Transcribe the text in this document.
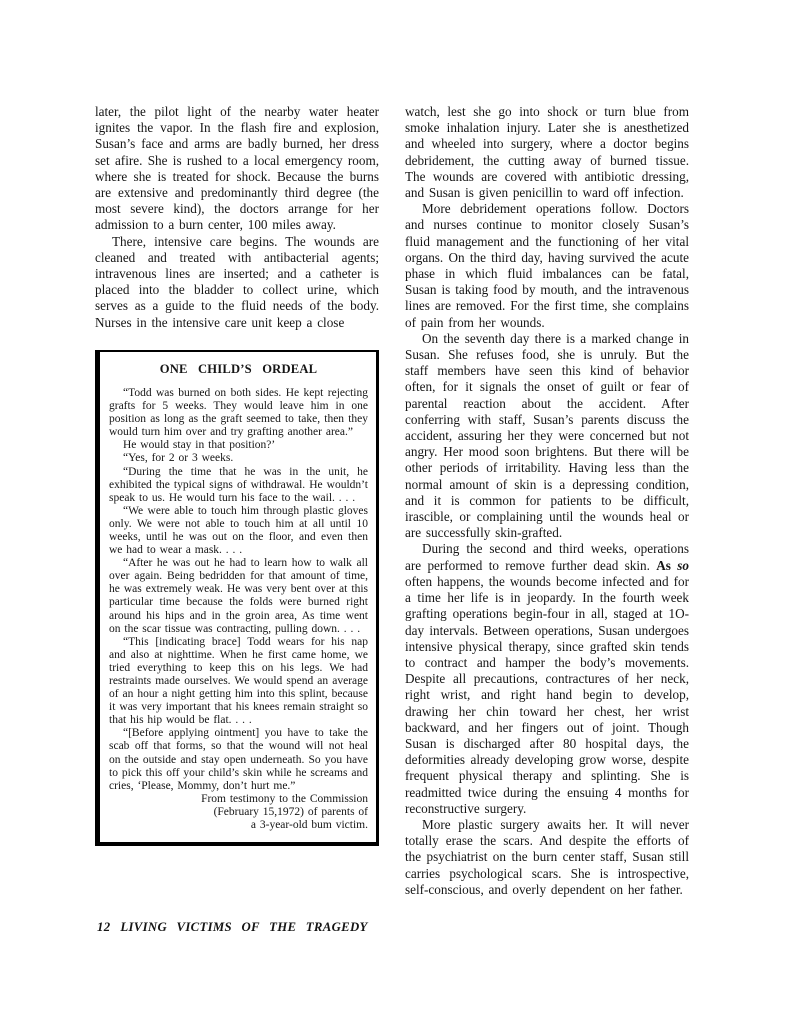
later, the pilot light of the nearby water heater ignites the vapor. In the flash fire and explosion, Susan’s face and arms are badly burned, her dress set afire. She is rushed to a local emergency room, where she is treated for shock. Because the burns are extensive and predominantly third degree (the most severe kind), the doctors arrange for her admission to a burn center, 100 miles away.

There, intensive care begins. The wounds are cleaned and treated with antibacterial agents; intravenous lines are inserted; and a catheter is placed into the bladder to collect urine, which serves as a guide to the fluid needs of the body. Nurses in the intensive care unit keep a close

ONE CHILD’S ORDEAL

“Todd was burned on both sides. He kept rejecting grafts for 5 weeks. They would leave him in one position as long as the graft seemed to take, then they would turn him over and try grafting another area.”

He would stay in that position?’

“Yes, for 2 or 3 weeks.

“During the time that he was in the unit, he exhibited the typical signs of withdrawal. He wouldn’t speak to us. He would turn his face to the wail. . . .

“We were able to touch him through plastic gloves only. We were not able to touch him at all until 10 weeks, until he was out on the floor, and even then we had to wear a mask. . . .

“After he was out he had to learn how to walk all over again. Being bedridden for that amount of time, he was extremely weak. He was very bent over at this particular time because the folds were burned right around his hips and in the groin area, As time went on the scar tissue was contracting, pulling down. . . .

“This [indicating brace] Todd wears for his nap and also at nighttime. When he first came home, we tried everything to keep this on his legs. We had restraints made ourselves. We would spend an average of an hour a night getting him into this splint, because it was very important that his knees remain straight so that his hip would be flat. . . .

“[Before applying ointment] you have to take the scab off that forms, so that the wound will not heal on the outside and stay open underneath. So you have to pick this off your child’s skin while he screams and cries, ‘Please, Mommy, don’t hurt me.”

From testimony to the Commission
(February 15,1972) of parents of
a 3-year-old bum victim.

watch, lest she go into shock or turn blue from smoke inhalation injury. Later she is anesthetized and wheeled into surgery, where a doctor begins debridement, the cutting away of burned tissue. The wounds are covered with antibiotic dressing, and Susan is given penicillin to ward off infection.

More debridement operations follow. Doctors and nurses continue to monitor closely Susan’s fluid management and the functioning of her vital organs. On the third day, having survived the acute phase in which fluid imbalances can be fatal, Susan is taking food by mouth, and the intravenous lines are removed. For the first time, she complains of pain from her wounds.

On the seventh day there is a marked change in Susan. She refuses food, she is unruly. But the staff members have seen this kind of behavior often, for it signals the onset of guilt or fear of parental reaction about the accident. After conferring with staff, Susan’s parents discuss the accident, assuring her they were concerned but not angry. Her mood soon brightens. But there will be other periods of irritability. Having less than the normal amount of skin is a depressing condition, and it is common for patients to be difficult, irascible, or complaining until the wounds heal or are successfully skin-grafted.

During the second and third weeks, operations are performed to remove further dead skin. As so often happens, the wounds become infected and for a time her life is in jeopardy. In the fourth week grafting operations begin-four in all, staged at 1O-day intervals. Between operations, Susan undergoes intensive physical therapy, since grafted skin tends to contract and hamper the body’s movements. Despite all precautions, contractures of her neck, right wrist, and right hand begin to develop, drawing her chin toward her chest, her wrist backward, and her fingers out of joint. Though Susan is discharged after 80 hospital days, the deformities already developing grow worse, despite frequent physical therapy and splinting. She is readmitted twice during the ensuing 4 months for reconstructive surgery.

More plastic surgery awaits her. It will never totally erase the scars. And despite the efforts of the psychiatrist on the burn center staff, Susan still carries psychological scars. She is introspective, self-conscious, and overly dependent on her father.

12 LIVING VICTIMS OF THE TRAGEDY
